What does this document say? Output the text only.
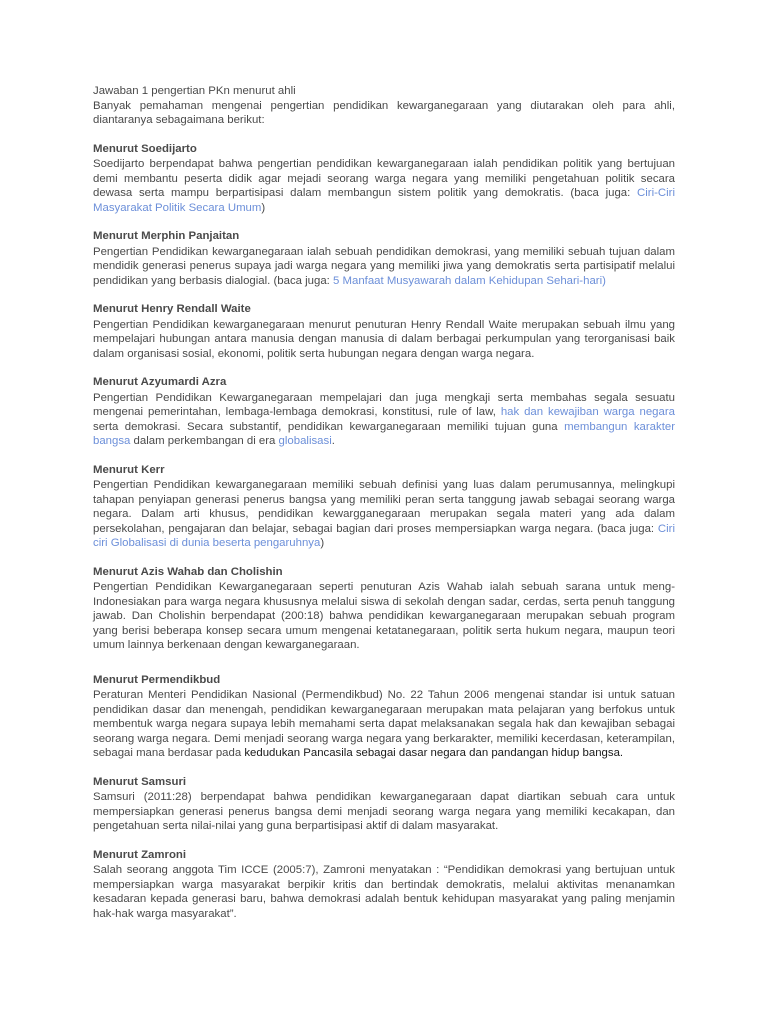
Jawaban 1 pengertian PKn menurut ahli

Banyak pemahaman mengenai pengertian pendidikan kewarganegaraan yang diutarakan oleh para ahli, diantaranya sebagaimana berikut:

Menurut Soedijarto

Soedijarto berpendapat bahwa pengertian pendidikan kewarganegaraan ialah pendidikan politik yang bertujuan demi membantu peserta didik agar mejadi seorang warga negara yang memiliki pengetahuan politik secara dewasa serta mampu berpartisipasi dalam membangun sistem politik yang demokratis. (baca juga: Ciri-Ciri Masyarakat Politik Secara Umum)

Menurut Merphin Panjaitan

Pengertian Pendidikan kewarganegaraan ialah sebuah pendidikan demokrasi, yang memiliki sebuah tujuan dalam mendidik generasi penerus supaya jadi warga negara yang memiliki jiwa yang demokratis serta partisipatif melalui pendidikan yang berbasis dialogial. (baca juga: 5 Manfaat Musyawarah dalam Kehidupan Sehari-hari)

Menurut Henry Rendall Waite

Pengertian Pendidikan kewarganegaraan menurut penuturan Henry Rendall Waite merupakan sebuah ilmu yang mempelajari hubungan antara manusia dengan manusia di dalam berbagai perkumpulan yang terorganisasi baik dalam organisasi sosial, ekonomi, politik serta hubungan negara dengan warga negara.

Menurut Azyumardi Azra

Pengertian Pendidikan Kewarganegaraan mempelajari dan juga mengkaji serta membahas segala sesuatu mengenai pemerintahan, lembaga-lembaga demokrasi, konstitusi, rule of law, hak dan kewajiban warga negara serta demokrasi. Secara substantif, pendidikan kewarganegaraan memiliki tujuan guna membangun karakter bangsa dalam perkembangan di era globalisasi.

Menurut Kerr

Pengertian Pendidikan kewarganegaraan memiliki sebuah definisi yang luas dalam perumusannya, melingkupi tahapan penyiapan generasi penerus bangsa yang memiliki peran serta tanggung jawab sebagai seorang warga negara. Dalam arti khusus, pendidikan kewargganegaraan merupakan segala materi yang ada dalam persekolahan, pengajaran dan belajar, sebagai bagian dari proses mempersiapkan warga negara. (baca juga: Ciri ciri Globalisasi di dunia beserta pengaruhnya)

Menurut Azis Wahab dan Cholishin

Pengertian Pendidikan Kewarganegaraan seperti penuturan Azis Wahab ialah sebuah sarana untuk meng-Indonesiakan para warga negara khususnya melalui siswa di sekolah dengan sadar, cerdas, serta penuh tanggung jawab. Dan Cholishin berpendapat (200:18) bahwa pendidikan kewarganegaraan merupakan sebuah program yang berisi beberapa konsep secara umum mengenai ketatanegaraan, politik serta hukum negara, maupun teori umum lainnya berkenaan dengan kewarganegaraan.

Menurut Permendikbud

Peraturan Menteri Pendidikan Nasional (Permendikbud) No. 22 Tahun 2006 mengenai standar isi untuk satuan pendidikan dasar dan menengah, pendidikan kewarganegaraan merupakan mata pelajaran yang berfokus untuk membentuk warga negara supaya lebih memahami serta dapat melaksanakan segala hak dan kewajiban sebagai seorang warga negara. Demi menjadi seorang warga negara yang berkarakter, memiliki kecerdasan, keterampilan, sebagai mana berdasar pada kedudukan Pancasila sebagai dasar negara dan pandangan hidup bangsa.

Menurut Samsuri

Samsuri (2011:28) berpendapat bahwa pendidikan kewarganegaraan dapat diartikan sebuah cara untuk mempersiapkan generasi penerus bangsa demi menjadi seorang warga negara yang memiliki kecakapan, dan pengetahuan serta nilai-nilai yang guna berpartisipasi aktif di dalam masyarakat.

Menurut Zamroni

Salah seorang anggota Tim ICCE (2005:7), Zamroni menyatakan : “Pendidikan demokrasi yang bertujuan untuk mempersiapkan warga masyarakat berpikir kritis dan bertindak demokratis, melalui aktivitas menanamkan kesadaran kepada generasi baru, bahwa demokrasi adalah bentuk kehidupan masyarakat yang paling menjamin hak-hak warga masyarakat”.
